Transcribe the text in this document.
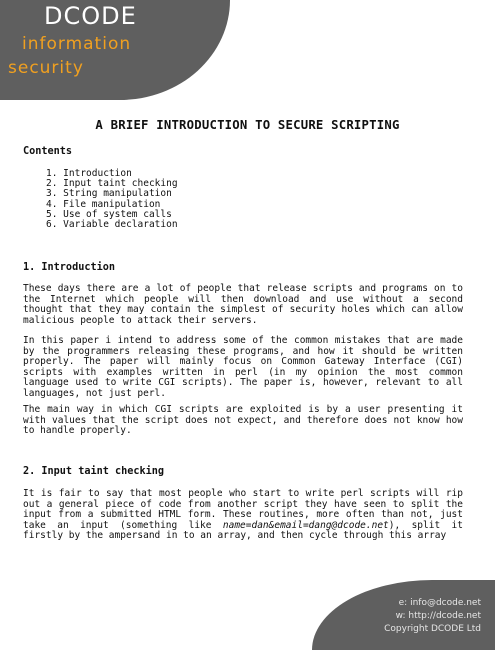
DCODE
information
security
A BRIEF INTRODUCTION TO SECURE SCRIPTING
Contents
1. Introduction
2. Input taint checking
3. String manipulation
4. File manipulation
5. Use of system calls
6. Variable declaration
1. Introduction

These days there are a lot of people that release scripts and programs on to the Internet which people will then download and use without a second thought that they may contain the simplest of security holes which can allow malicious people to attack their servers.

In this paper i intend to address some of the common mistakes that are made by the programmers releasing these programs, and how it should be written properly. The paper will mainly focus on Common Gateway Interface (CGI) scripts with examples written in perl (in my opinion the most common language used to write CGI scripts). The paper is, however, relevant to all languages, not just perl.

The main way in which CGI scripts are exploited is by a user presenting it with values that the script does not expect, and therefore does not know how to handle properly.

2. Input taint checking

It is fair to say that most people who start to write perl scripts will rip out a general piece of code from another script they have seen to split the input from a submitted HTML form. These routines, more often than not, just take an input (something like name=dan&email=dang@dcode.net), split it firstly by the ampersand in to an array, and then cycle through this array

e: info@dcode.net
w: http://dcode.net
Copyright DCODE Ltd
